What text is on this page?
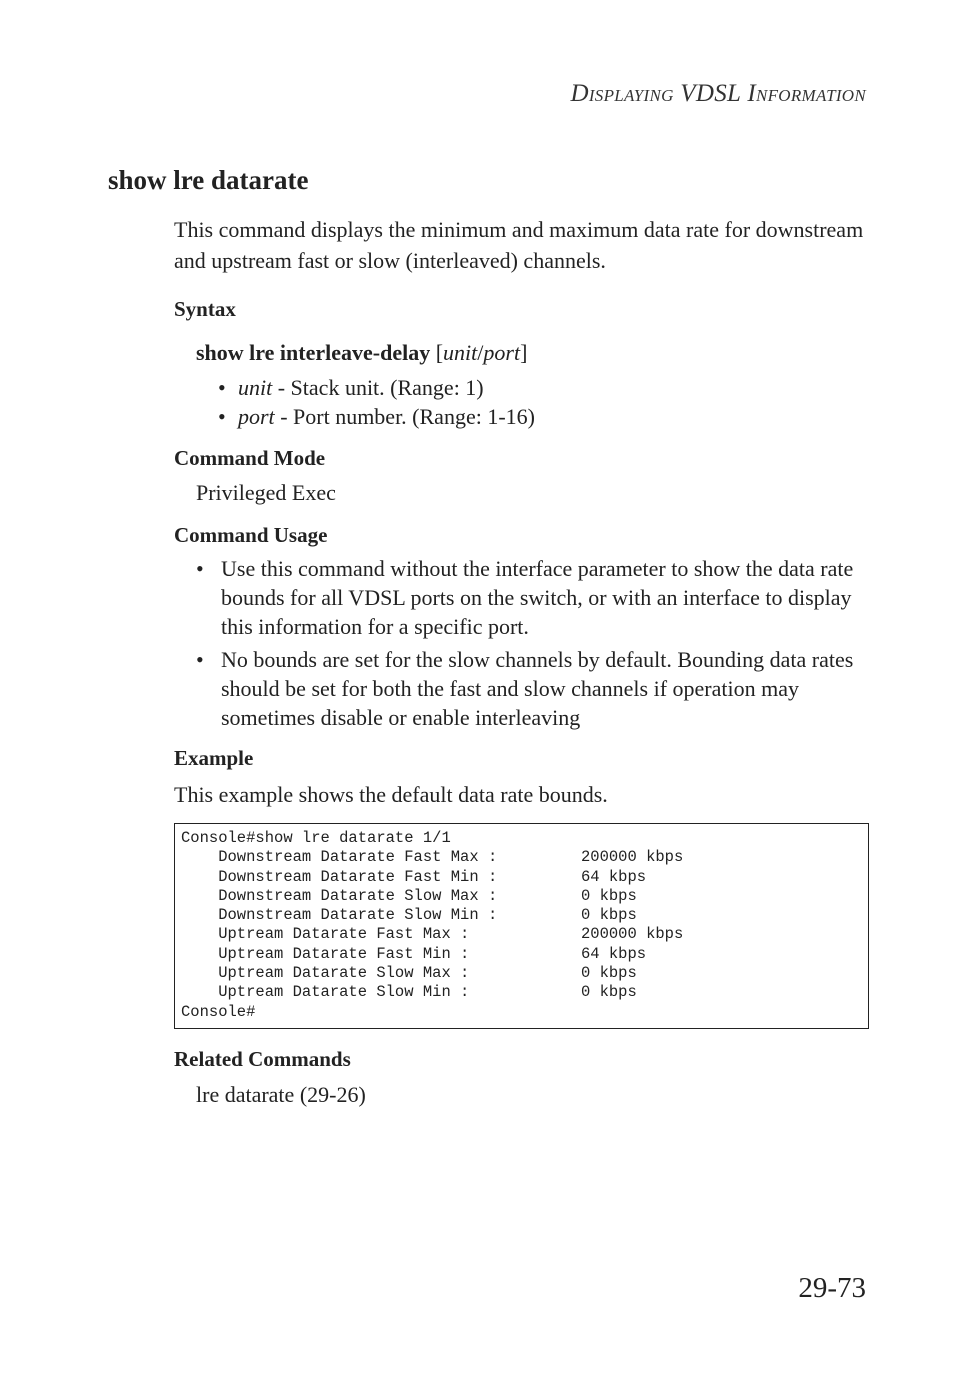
DISPLAYING VDSL INFORMATION
show lre datarate

This command displays the minimum and maximum data rate for downstream and upstream fast or slow (interleaved) channels.

Syntax

show lre interleave-delay [unit/port]

• unit - Stack unit. (Range: 1)
• port - Port number. (Range: 1-16)
Command Mode

Privileged Exec

Command Usage
• Use this command without the interface parameter to show the data rate bounds for all VDSL ports on the switch, or with an interface to display this information for a specific port.
• No bounds are set for the slow channels by default. Bounding data rates should be set for both the fast and slow channels if operation may sometimes disable or enable interleaving
Example

This example shows the default data rate bounds.

Console#show lre datarate 1/1
Downstream Datarate Fast Max :         200000 kbps
Downstream Datarate Fast Min :         64 kbps
Downstream Datarate Slow Max :         0 kbps
Downstream Datarate Slow Min :         0 kbps
Uptream Datarate Fast Max :            200000 kbps
Uptream Datarate Fast Min :            64 kbps
Uptream Datarate Slow Max :            0 kbps
Uptream Datarate Slow Min :            0 kbps
Console#
Related Commands

lre datarate (29-26)

29-73
